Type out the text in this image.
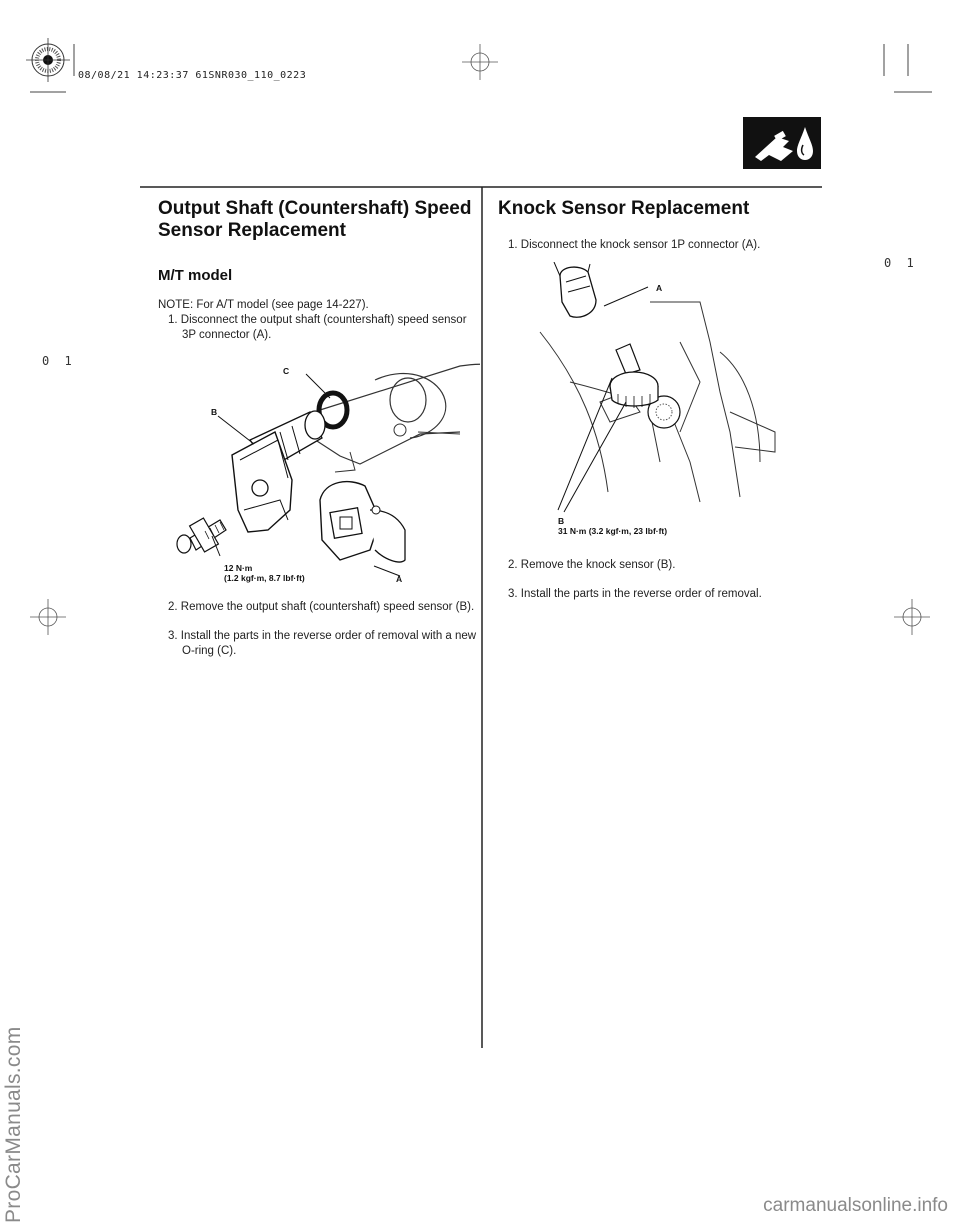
08/08/21 14:23:37 61SNR030_110_0223
0 1
0 1
Output Shaft (Countershaft) Speed Sensor Replacement
M/T model

NOTE: For A/T model (see page 14-227).

1. Disconnect the output shaft (countershaft) speed sensor 3P connector (A).

C
B
12 N·m
(1.2 kgf·m, 8.7 lbf·ft)	A

2. Remove the output shaft (countershaft) speed sensor (B).

3. Install the parts in the reverse order of removal with a new O-ring (C).

Knock Sensor Replacement

1. Disconnect the knock sensor 1P connector (A).

A
B
31 N·m (3.2 kgf·m, 23 lbf·ft)

2. Remove the knock sensor (B).

3. Install the parts in the reverse order of removal.

ProCarManuals.com	carmanualsonline.info
